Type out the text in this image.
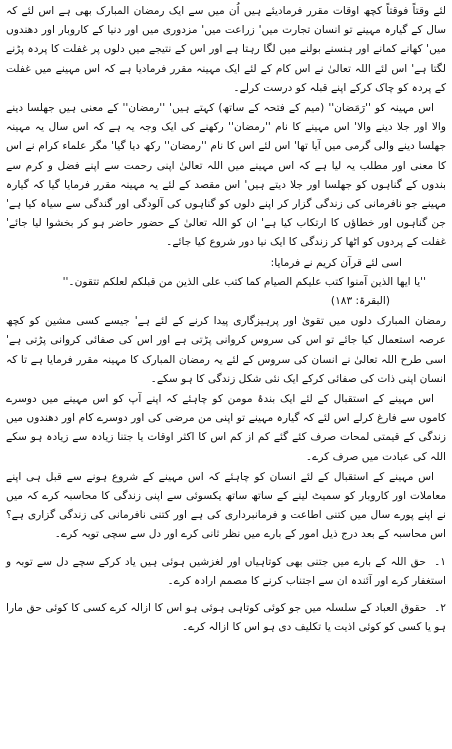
لئے وقتاً فوقتاً کچھ اوقات مقرر فرمادیئے ہیں اُن میں سے ایک رمضان المبارک بھی ہے اس لئے کہ سال کے گیارہ مہینے تو انسان تجارت میں' زراعت میں' مزدوری میں اور دنیا کے کاروبار اور دھندوں میں' کھانے کمانے اور ہنسنے بولنے میں لگا رہتا ہے اور اس کے نتیجے میں دلوں پر غفلت کا پردہ پڑنے لگتا ہے' اس لئے اللہ تعالیٰ نے اس کام کے لئے ایک مہینہ مقرر فرمادیا ہے کہ اس مہینے میں غفلت کے پردہ کو چاک کرکے اپنے قبلہ کو درست کرلے۔

اس مہینہ کو ''رَمَضان'' (میم کے فتحہ کے ساتھ) کہتے ہیں' ''رمضان'' کے معنی ہیں جھلسا دینے والا اور جلا دینے والا' اس مہینے کا نام ''رمضان'' رکھنے کی ایک وجہ یہ ہے کہ اس سال یہ مہینہ جھلسا دینے والی گرمی میں آیا تھا' اس لئے اس کا نام ''رمضان'' رکھ دیا گیا' مگر علماء کرام نے اس کا معنی اور مطلب یہ لیا ہے کہ اس مہینے میں اللہ تعالیٰ اپنی رحمت سے اپنے فضل و کرم سے بندوں کے گناہوں کو جھلسا اور جلا دیتے ہیں' اس مقصد کے لئے یہ مہینہ مقرر فرمایا گیا کہ گیارہ مہینے جو نافرمانی کی زندگی گزار کر اپنے دلوں کو گناہوں کی آلودگی اور گندگی سے سیاہ کیا ہے' جن گناہوں اور خطاؤں کا ارتکاب کیا ہے' ان کو اللہ تعالیٰ کے حضور حاضر ہو کر بخشوا لیا جائے' غفلت کے پردوں کو اٹھا کر زندگی کا ایک نیا دور شروع کیا جائے۔

اسی لئے قرآن کریم نے فرمایا:

''یا ایھا الذین آمنوا کتب علیکم الصیام کما کتب علی الذین من قبلکم لعلکم تتقون۔''

(البقرۃ: ۱۸۳)

رمضان المبارک دلوں میں تقویٰ اور پرہیزگاری پیدا کرنے کے لئے ہے' جیسے کسی مشین کو کچھ عرصہ استعمال کیا جائے تو اس کی سروس کروانی پڑتی ہے اور اس کی صفائی کروانی پڑتی ہے' اسی طرح اللہ تعالیٰ نے انسان کی سروس کے لئے یہ رمضان المبارک کا مہینہ مقرر فرمایا ہے تا کہ انسان اپنی ذات کی صفائی کرکے ایک نئی شکل زندگی کا ہو سکے۔

اس مہینے کے استقبال کے لئے ایک بندۂ مومن کو چاہئے کہ اپنے آپ کو اس مہینے میں دوسرے کاموں سے فارغ کرلے اس لئے کہ گیارہ مہینے تو اپنی من مرضی کی اور دوسرے کام اور دھندوں میں زندگی کے قیمتی لمحات صرف کئے گئے کم از کم اس کا اکثر اوقات یا جتنا زیادہ سے زیادہ ہو سکے اللہ کی عبادت میں صرف کرے۔

اس مہینے کے استقبال کے لئے انسان کو چاہئے کہ اس مہینے کے شروع ہونے سے قبل ہی اپنے معاملات اور کاروبار کو سمیٹ لینے کے ساتھ ساتھ یکسوئی سے اپنی زندگی کا محاسبہ کرے کہ میں نے اپنے پورے سال میں کتنی اطاعت و فرمانبرداری کی ہے اور کتنی نافرمانی کی زندگی گزاری ہے؟ اس محاسبہ کے بعد درج ذیل امور کے بارے میں نظر ثانی کرے اور دل سے سچی توبہ کرے۔

۱۔ حق اللہ کے بارے میں جتنی بھی کوتاہیاں اور لغزشیں ہوئی ہیں یاد کرکے سچے دل سے توبہ و استغفار کرے اور آئندہ ان سے اجتناب کرنے کا مصمم ارادہ کرے۔

۲۔ حقوق العباد کے سلسلہ میں جو کوئی کوتاہی ہوئی ہو اس کا ازالہ کرے کسی کا کوئی حق مارا ہو یا کسی کو کوئی اذیت یا تکلیف دی ہو اس کا ازالہ کرے۔
